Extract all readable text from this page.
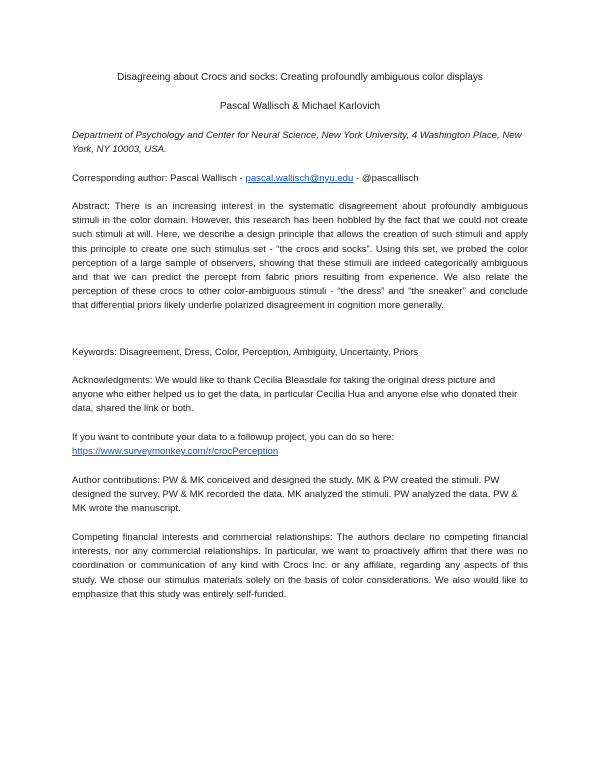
Disagreeing about Crocs and socks: Creating profoundly ambiguous color displays

Pascal Wallisch & Michael Karlovich

Department of Psychology and Center for Neural Science, New York University, 4 Washington Place, New York, NY 10003, USA.

Corresponding author: Pascal Wallisch - pascal.wallisch@nyu.edu - @pascallisch

Abstract: There is an increasing interest in the systematic disagreement about profoundly ambiguous stimuli in the color domain. However, this research has been hobbled by the fact that we could not create such stimuli at will. Here, we describe a design principle that allows the creation of such stimuli and apply this principle to create one such stimulus set - “the crocs and socks”. Using this set, we probed the color perception of a large sample of observers, showing that these stimuli are indeed categorically ambiguous and that we can predict the percept from fabric priors resulting from experience. We also relate the perception of these crocs to other color-ambiguous stimuli - “the dress” and “the sneaker” and conclude that differential priors likely underlie polarized disagreement in cognition more generally.

Keywords: Disagreement, Dress, Color, Perception, Ambiguity, Uncertainty, Priors

Acknowledgments: We would like to thank Cecilia Bleasdale for taking the original dress picture and anyone who either helped us to get the data, in particular Cecilia Hua and anyone else who donated their data, shared the link or both.

If you want to contribute your data to a followup project, you can do so here:
https://www.surveymonkey.com/r/crocPerception

Author contributions: PW & MK conceived and designed the study. MK & PW created the stimuli. PW designed the survey. PW & MK recorded the data. MK analyzed the stimuli. PW analyzed the data. PW & MK wrote the manuscript.

Competing financial interests and commercial relationships: The authors declare no competing financial interests, nor any commercial relationships. In particular, we want to proactively affirm that there was no coordination or communication of any kind with Crocs Inc. or any affiliate, regarding any aspects of this study. We chose our stimulus materials solely on the basis of color considerations. We also would like to emphasize that this study was entirely self-funded.
